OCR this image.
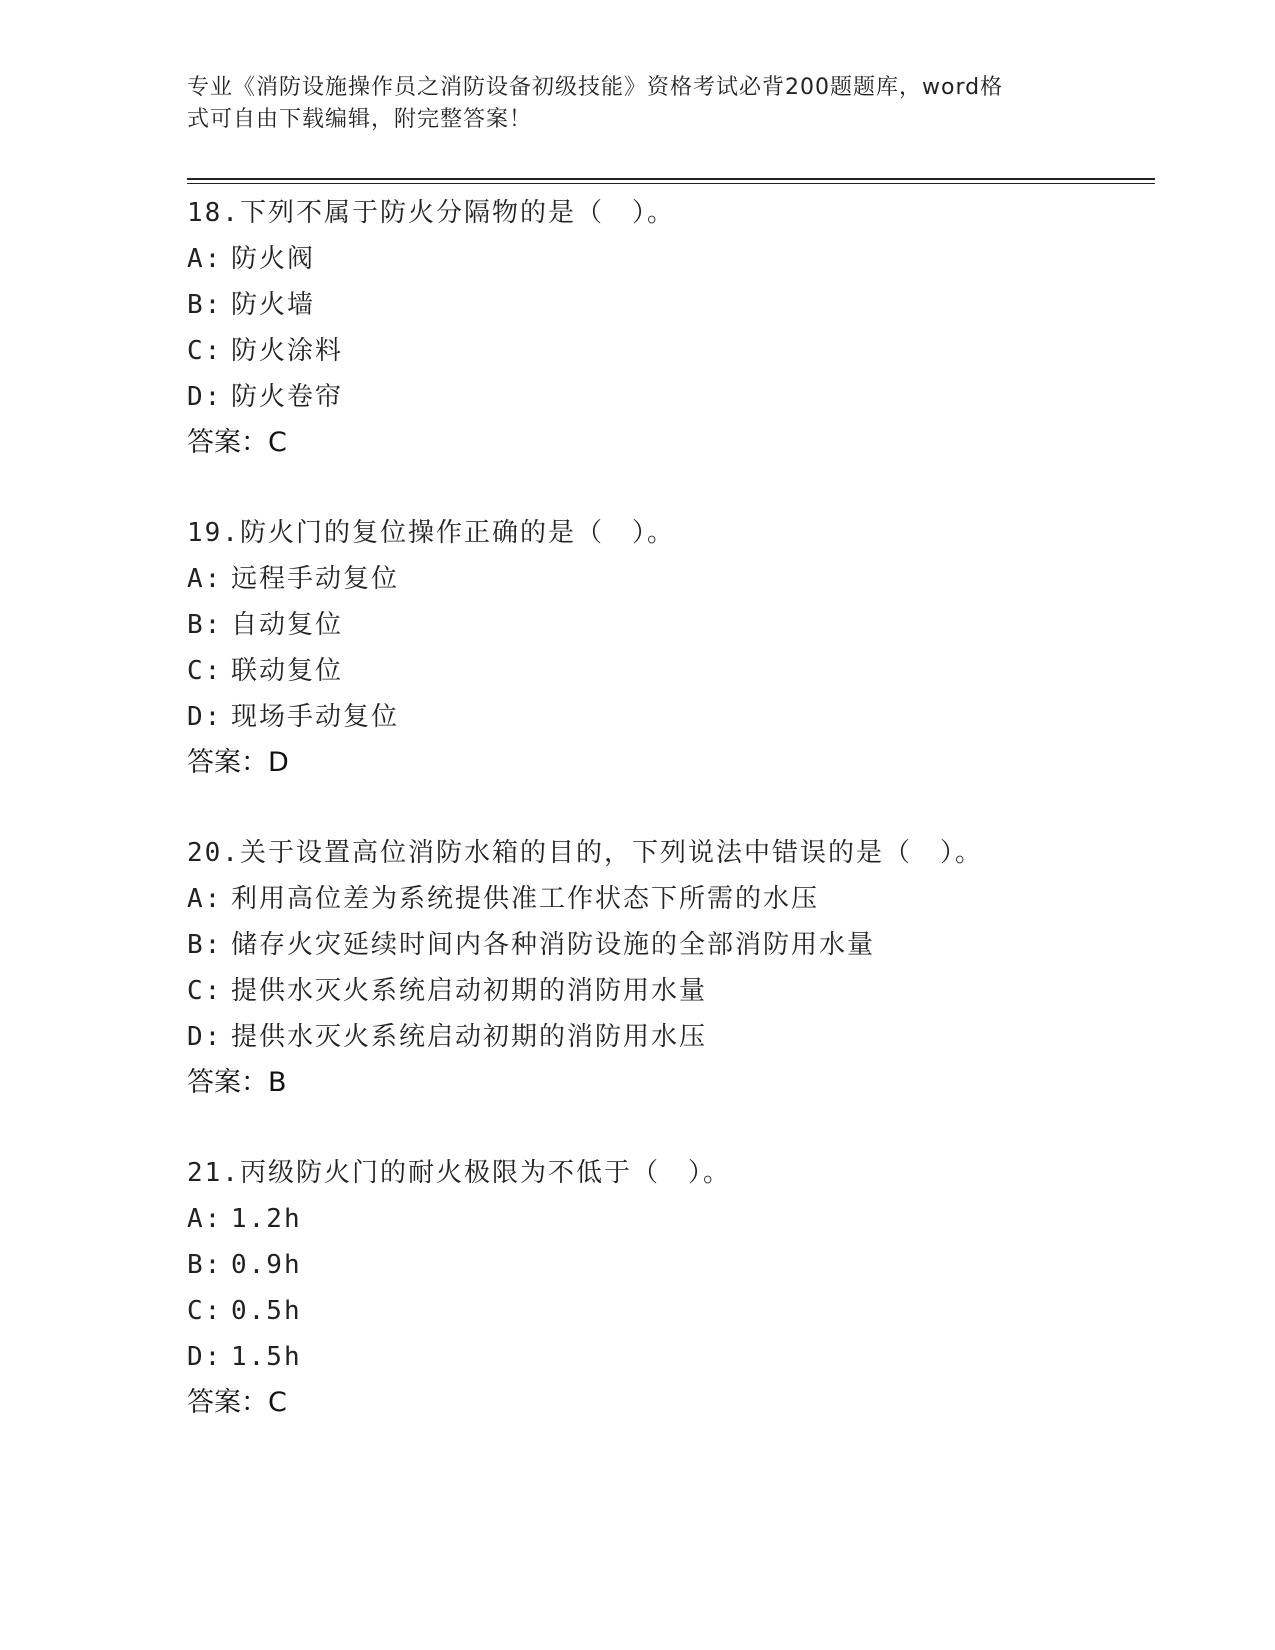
专业《消防设施操作员之消防设备初级技能》资格考试必背200题题库，word格
式可自由下载编辑，附完整答案！
18.下列不属于防火分隔物的是（　）。
A: 防火阀
B: 防火墙
C: 防火涂料
D: 防火卷帘
答案：C
19.防火门的复位操作正确的是（　）。
A: 远程手动复位
B: 自动复位
C: 联动复位
D: 现场手动复位
答案：D
20.关于设置高位消防水箱的目的，下列说法中错误的是（　）。
A: 利用高位差为系统提供准工作状态下所需的水压
B: 储存火灾延续时间内各种消防设施的全部消防用水量
C: 提供水灭火系统启动初期的消防用水量
D: 提供水灭火系统启动初期的消防用水压
答案：B
21.丙级防火门的耐火极限为不低于（　）。
A: 1.2h
B: 0.9h
C: 0.5h
D: 1.5h
答案：C
